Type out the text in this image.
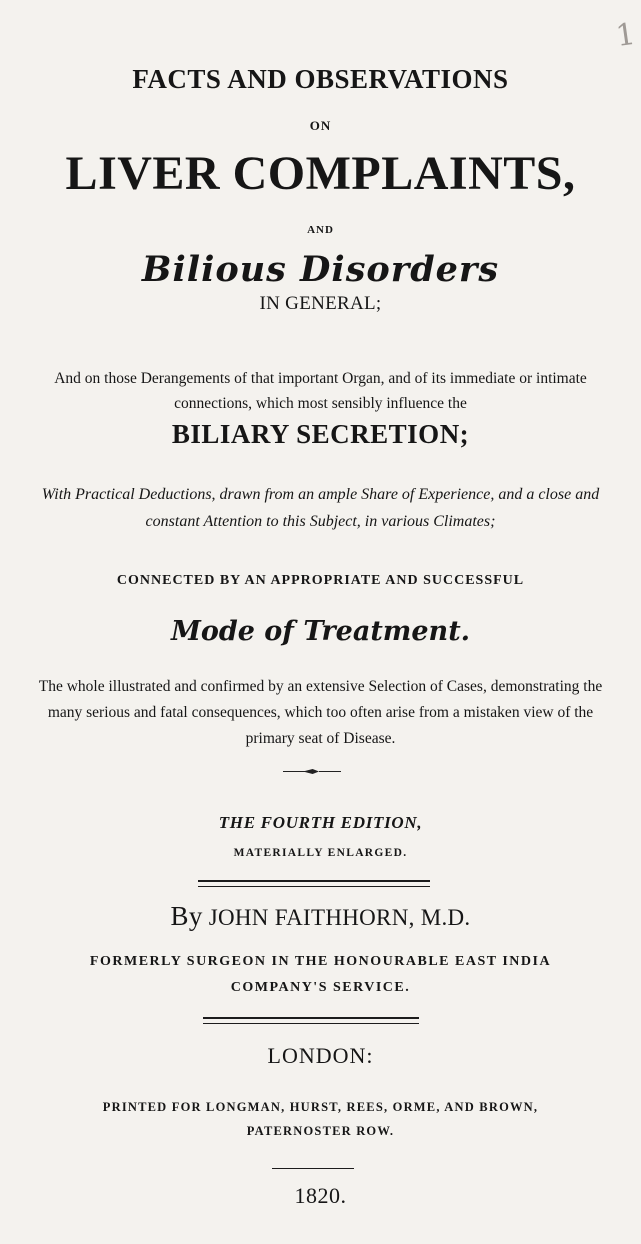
1
FACTS AND OBSERVATIONS
ON
LIVER COMPLAINTS,
AND
Bilious Disorders
IN GENERAL;
And on those Derangements of that important Organ, and of its immediate or intimate connections, which most sensibly influence the
BILIARY SECRETION;
With Practical Deductions, drawn from an ample Share of Experience, and a close and constant Attention to this Subject, in various Climates;
CONNECTED BY AN APPROPRIATE AND SUCCESSFUL
Mode of Treatment.
The whole illustrated and confirmed by an extensive Selection of Cases, demonstrating the many serious and fatal consequences, which too often arise from a mistaken view of the primary seat of Disease.
THE FOURTH EDITION,
MATERIALLY ENLARGED.
By JOHN FAITHHORN, M.D.
FORMERLY SURGEON IN THE HONOURABLE EAST INDIA
COMPANY'S SERVICE.
LONDON:
PRINTED FOR LONGMAN, HURST, REES, ORME, AND BROWN,
PATERNOSTER ROW.
1820.
